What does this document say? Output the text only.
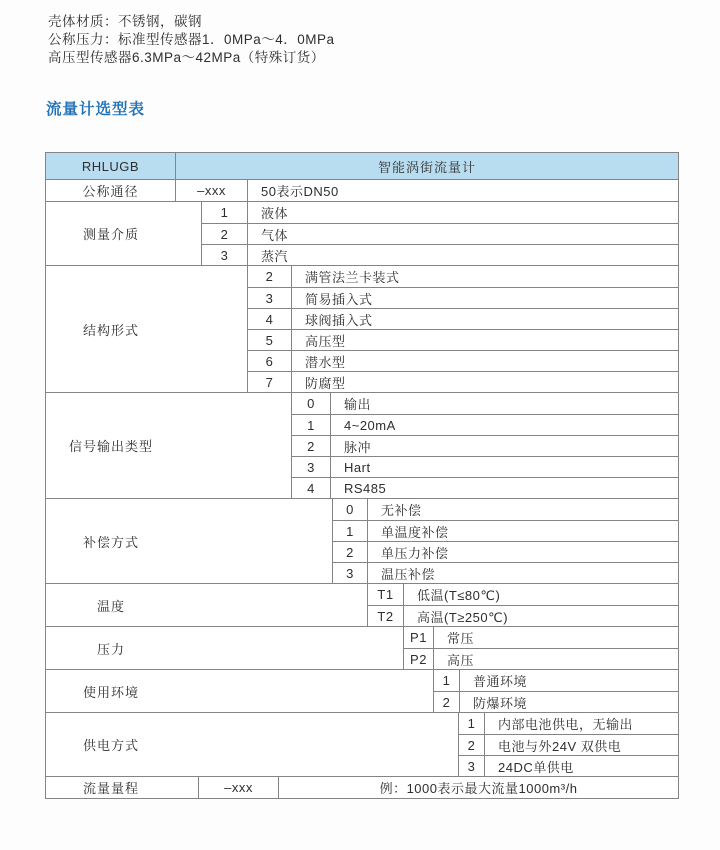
壳体材质：不锈钢，碳钢

公称压力：标准型传感器1．0MPa～4．0MPa

高压型传感器6.3MPa～42MPa（特殊订货）

流量计选型表
RHLUGB	智能涡街流量计
公称通径	–xxx	50表示DN50
测量介质
1	液体
2	气体
3	蒸汽
结构形式
2	满管法兰卡装式
3	简易插入式
4	球阀插入式
5	高压型
6	潜水型
7	防腐型
信号输出类型
0	输出
1	4~20mA
2	脉冲
3	Hart
4	RS485
补偿方式
0	无补偿
1	单温度补偿
2	单压力补偿
3	温压补偿
温度
T1	低温(T≤80℃)
T2	高温(T≥250℃)
压力
P1	常压
P2	高压
使用环境
1	普通环境
2	防爆环境
供电方式
1	内部电池供电，无输出
2	电池与外24V 双供电
3	24DC单供电
流量量程	–xxx	例：1000表示最大流量1000m³/h
